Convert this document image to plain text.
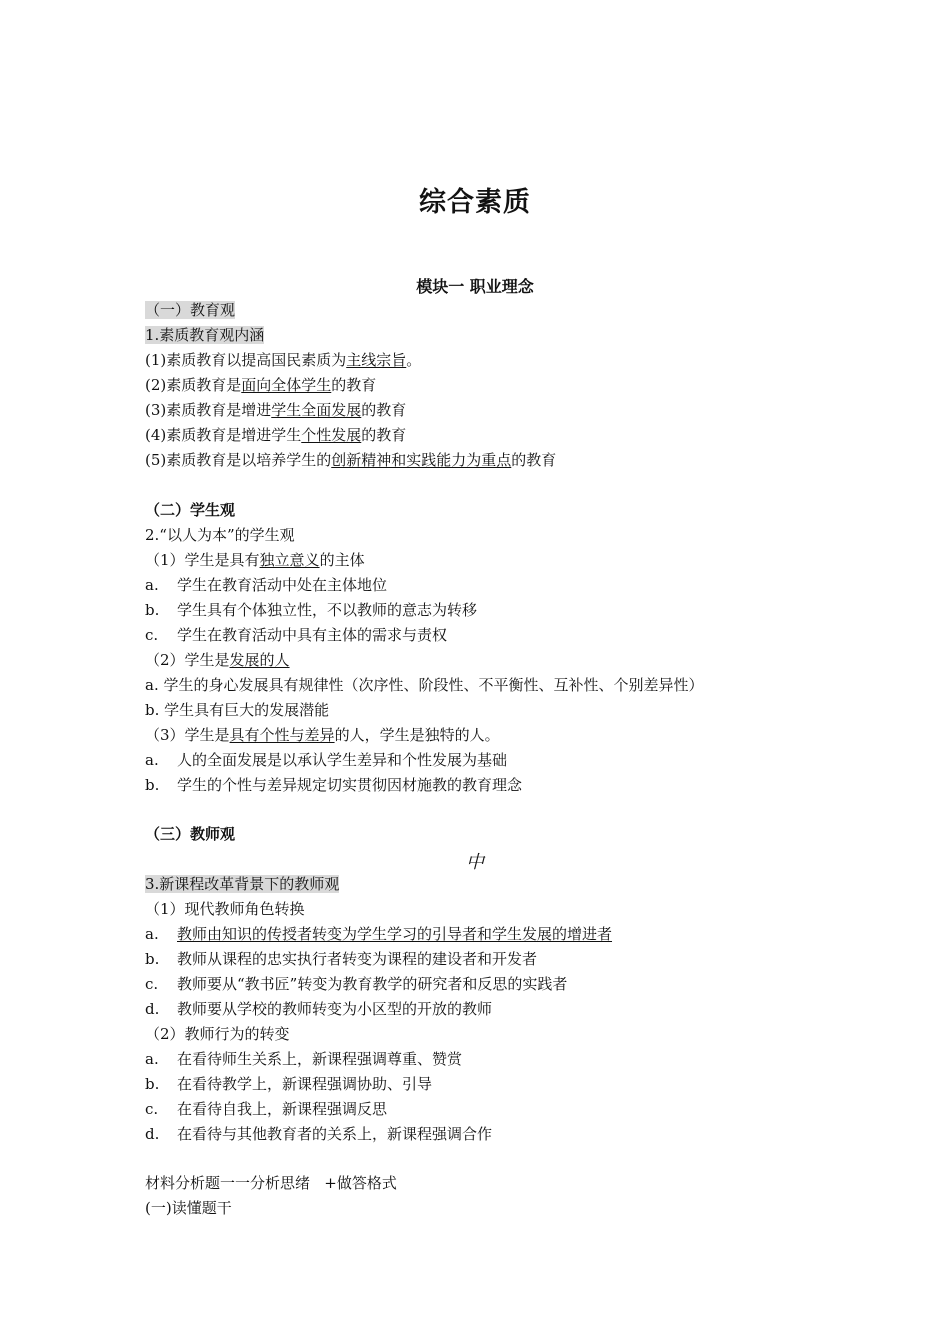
综合素质
模块一 职业理念
（一）教育观
1.素质教育观内涵
(1)素质教育以提高国民素质为主线宗旨。
(2)素质教育是面向全体学生的教育
(3)素质教育是增进学生全面发展的教育
(4)素质教育是增进学生个性发展的教育
(5)素质教育是以培养学生的创新精神和实践能力为重点的教育
（二）学生观
2.“以人为本”的学生观
（1）学生是具有独立意义的主体
a. 学生在教育活动中处在主体地位
b. 学生具有个体独立性，不以教师的意志为转移
c. 学生在教育活动中具有主体的需求与责权
（2）学生是发展的人
a. 学生的身心发展具有规律性（次序性、阶段性、不平衡性、互补性、个别差异性）
b. 学生具有巨大的发展潜能
（3）学生是具有个性与差异的人，学生是独特的人。
a. 人的全面发展是以承认学生差异和个性发展为基础
b. 学生的个性与差异规定切实贯彻因材施教的教育理念
（三）教师观
中
3.新课程改革背景下的教师观
（1）现代教师角色转换
a. 教师由知识的传授者转变为学生学习的引导者和学生发展的增进者
b. 教师从课程的忠实执行者转变为课程的建设者和开发者
c. 教师要从“教书匠”转变为教育教学的研究者和反思的实践者
d. 教师要从学校的教师转变为小区型的开放的教师
（2）教师行为的转变
a. 在看待师生关系上，新课程强调尊重、赞赏
b. 在看待教学上，新课程强调协助、引导
c. 在看待自我上，新课程强调反思
d. 在看待与其他教育者的关系上，新课程强调合作
材料分析题一一分析思绪   +做答格式
(一)读懂题干
